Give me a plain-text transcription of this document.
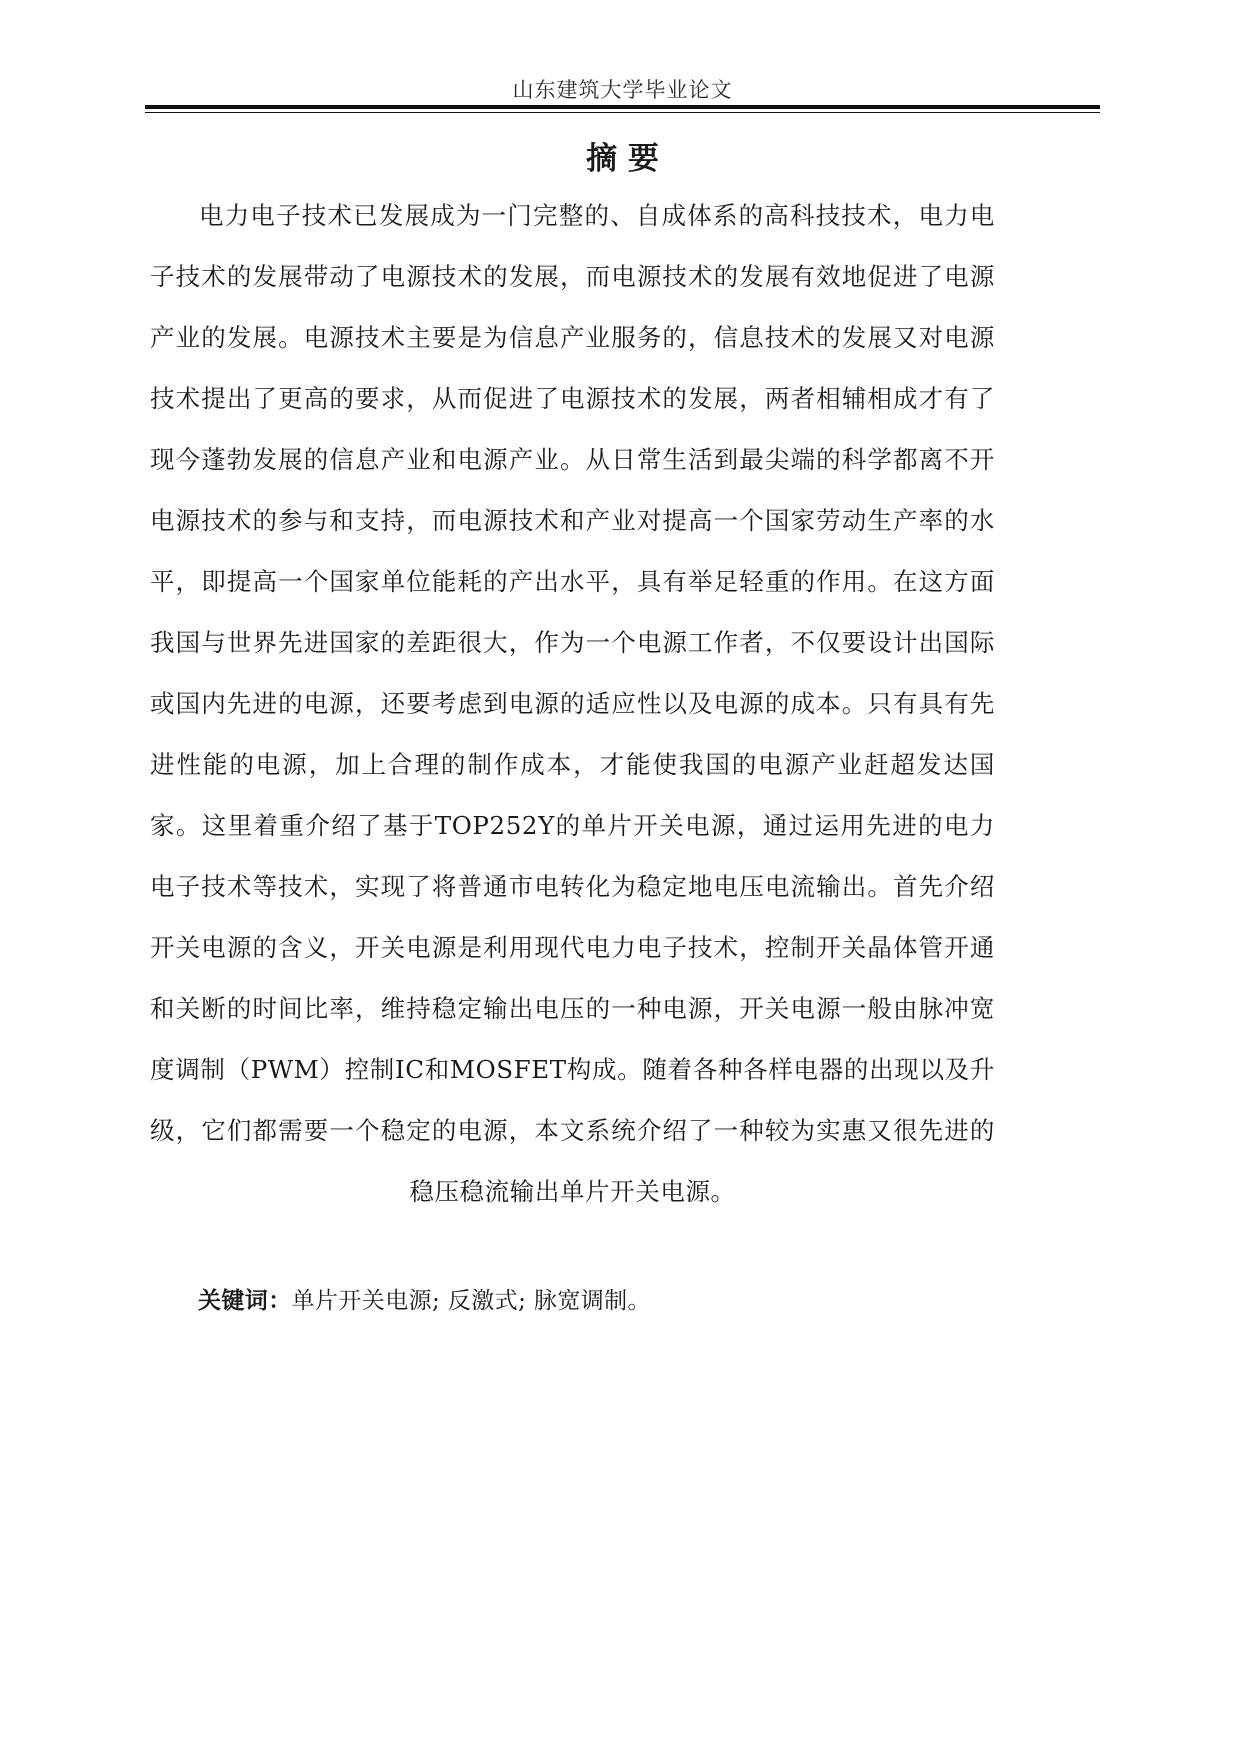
山东建筑大学毕业论文
摘 要

电力电子技术已发展成为一门完整的、自成体系的高科技技术，电力电子技术的发展带动了电源技术的发展，而电源技术的发展有效地促进了电源产业的发展。电源技术主要是为信息产业服务的，信息技术的发展又对电源技术提出了更高的要求，从而促进了电源技术的发展，两者相辅相成才有了现今蓬勃发展的信息产业和电源产业。从日常生活到最尖端的科学都离不开电源技术的参与和支持，而电源技术和产业对提高一个国家劳动生产率的水平，即提高一个国家单位能耗的产出水平，具有举足轻重的作用。在这方面我国与世界先进国家的差距很大，作为一个电源工作者，不仅要设计出国际或国内先进的电源，还要考虑到电源的适应性以及电源的成本。只有具有先进性能的电源，加上合理的制作成本，才能使我国的电源产业赶超发达国家。这里着重介绍了基于TOP252Y的单片开关电源，通过运用先进的电力电子技术等技术，实现了将普通市电转化为稳定地电压电流输出。首先介绍开关电源的含义，开关电源是利用现代电力电子技术，控制开关晶体管开通和关断的时间比率，维持稳定输出电压的一种电源，开关电源一般由脉冲宽度调制（PWM）控制IC和MOSFET构成。随着各种各样电器的出现以及升级，它们都需要一个稳定的电源，本文系统介绍了一种较为实惠又很先进的稳压稳流输出单片开关电源。

关键词：单片开关电源; 反激式; 脉宽调制。
